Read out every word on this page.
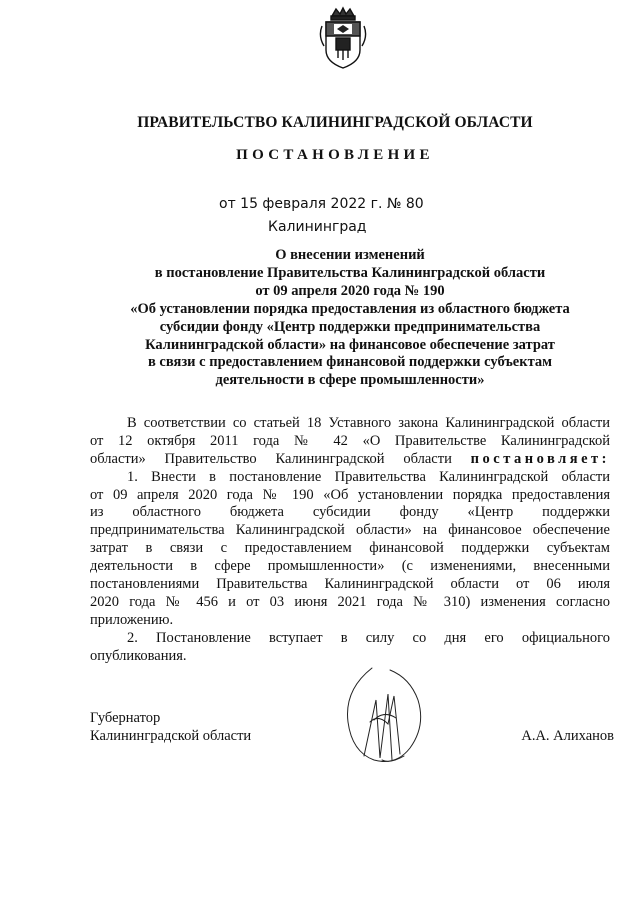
ПРАВИТЕЛЬСТВО КАЛИНИНГРАДСКОЙ ОБЛАСТИ
ПОСТАНОВЛЕНИЕ
от 15 февраля 2022 г. № 80
Калининград
О внесении изменений
в постановление Правительства Калининградской области
от 09 апреля 2020 года № 190
«Об установлении порядка предоставления из областного бюджета
субсидии фонду «Центр поддержки предпринимательства
Калининградской области» на финансовое обеспечение затрат
в связи с предоставлением финансовой поддержки субъектам
деятельности в сфере промышленности»
В соответствии со статьей 18 Уставного закона Калининградской области
от 12 октября 2011 года № 42 «О Правительстве Калининградской
области» Правительство Калининградской области постановляет:
1. Внести в постановление Правительства Калининградской области
от 09 апреля 2020 года № 190 «Об установлении порядка предоставления
из областного бюджета субсидии фонду «Центр поддержки
предпринимательства Калининградской области» на финансовое обеспечение
затрат в связи с предоставлением финансовой поддержки субъектам
деятельности в сфере промышленности» (с изменениями, внесенными
постановлениями Правительства Калининградской области от 06 июля
2020 года № 456 и от 03 июня 2021 года № 310) изменения согласно
приложению.
2. Постановление вступает в силу со дня его официального
опубликования.
Губернатор
Калининградской области	А.А. Алиханов
